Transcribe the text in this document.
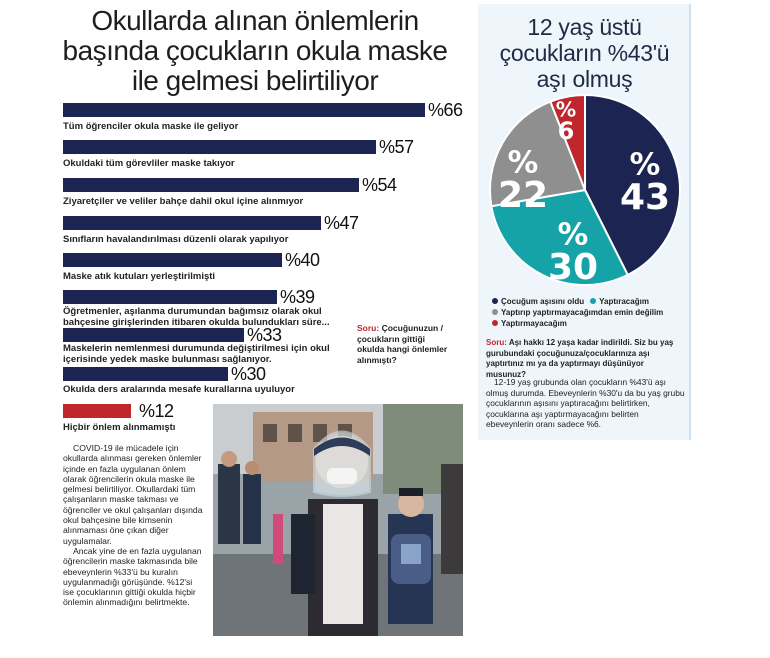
Okullarda alınan önlemlerin
başında çocukların okula maske
ile gelmesi belirtiliyor
%66
Tüm öğrenciler okula maske ile geliyor
%57
Okuldaki tüm görevliler maske takıyor
%54
Ziyaretçiler ve veliler bahçe dahil okul içine alınmıyor
%47
Sınıfların havalandırılması düzenli olarak yapılıyor
%40
Maske atık kutuları yerleştirilmişti
%39
Öğretmenler, aşılanma durumundan bağımsız olarak okul bahçesine girişlerinden itibaren okulda bulundukları süre...
%33
Maskelerin nemlenmesi durumunda değiştirilmesi için okul içerisinde yedek maske bulunması sağlanıyor.
%30
Okulda ders aralarında mesafe kurallarına uyuluyor
%12
Hiçbir önlem alınmamıştı
Soru: Çocuğunuzun / çocukların gittiği okulda hangi önlemler alınmıştı?

COVID-19 ile mücadele için okullarda alınması gereken önlemler içinde en fazla uygulanan önlem olarak öğrencilerin okula maske ile gelmesi belirtiliyor. Okullardaki tüm çalışanların maske takması ve öğrenciler ve okul çalışanları dışında okul bahçesine bile kimsenin alınmaması öne çıkan diğer uygulamalar.

Ancak yine de en fazla uygulanan öğrencilerin maske takmasında bile ebeveynlerin %33'ü bu kuralın uygulanmadığı görüşünde. %12'si ise çocuklarının gittiği okulda hiçbir önlemin alınmadığını belirtmekte.

12 yaş üstü
çocukların %43'ü
aşı olmuş
%
43
%
30
%
22
%
6
Çocuğum aşısını oldu YaptıracağımYaptırıp yaptırmayacağımdan emin değilimYaptırmayacağım
Soru: Aşı hakkı 12 yaşa kadar indirildi. Siz bu yaş gurubundaki çocuğunuza/çocuklarınıza aşı yaptırtınız mı ya da yaptırmayı düşünüyor musunuz?

12-19 yaş grubunda olan çocukların %43'ü aşı olmuş durumda. Ebeveynlerin %30'u da bu yaş grubu çocuklarının aşısını yaptıracağını belirtirken, çocuklarına aşı yaptırmayacağını belirten ebeveynlerin oranı sadece %6.
